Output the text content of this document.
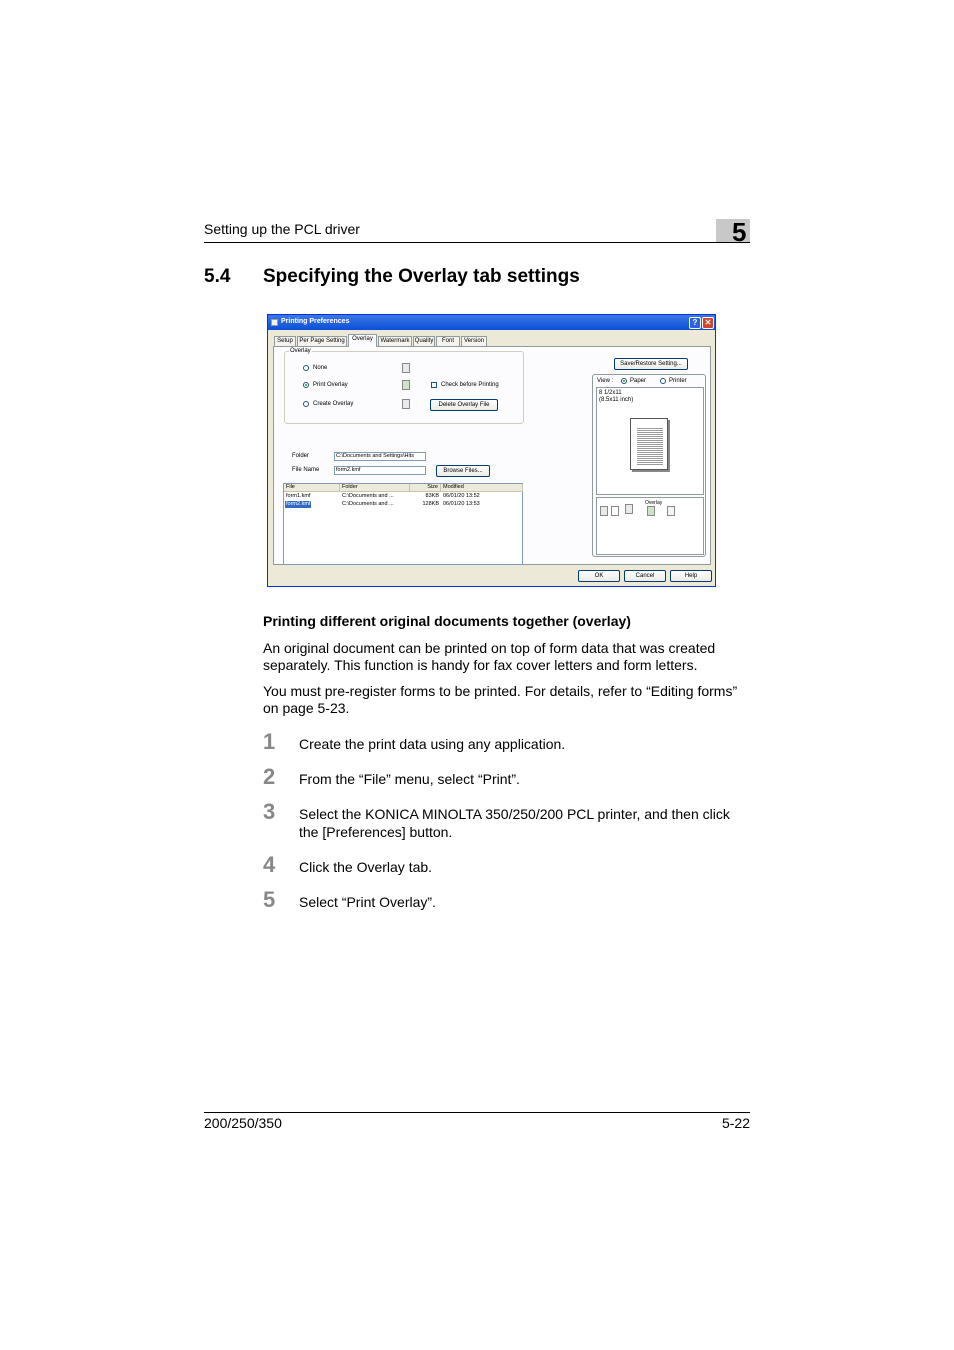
Setting up the PCL driver	5
5.4 Specifying the Overlay tab settings
Printing Preferences	? ✕
Overlay
None
Print Overlay	Check before Printing
Create Overlay	Delete Overlay File
Folder	C:\Documents and Settings\Hits
File Name	form2.kmf	Browse Files...
File	Folder	Size Modified
form1.kmf	C:\Documents and ...	83KB 06/01/20 13:52
form2.kmf	C:\Documents and ...	128KB 06/01/20 13:53
Save/Restore Setting...
View :	Paper	Printer
8 1/2x11
(8.5x11 inch)
Overlay
Setup	Per Page Setting	Overlay	Watermark Quality	Font	Version
OK	Cancel	Help
Printing different original documents together (overlay)
An original document can be printed on top of form data that was created separately. This function is handy for fax cover letters and form letters.
You must pre-register forms to be printed. For details, refer to “Editing forms” on page 5-23.
1 Create the print data using any application.
2 From the “File” menu, select “Print”.
3 Select the KONICA MINOLTA 350/250/200 PCL printer, and then click the [Preferences] button.
4 Click the Overlay tab.
5 Select “Print Overlay”.
200/250/350	5-22
